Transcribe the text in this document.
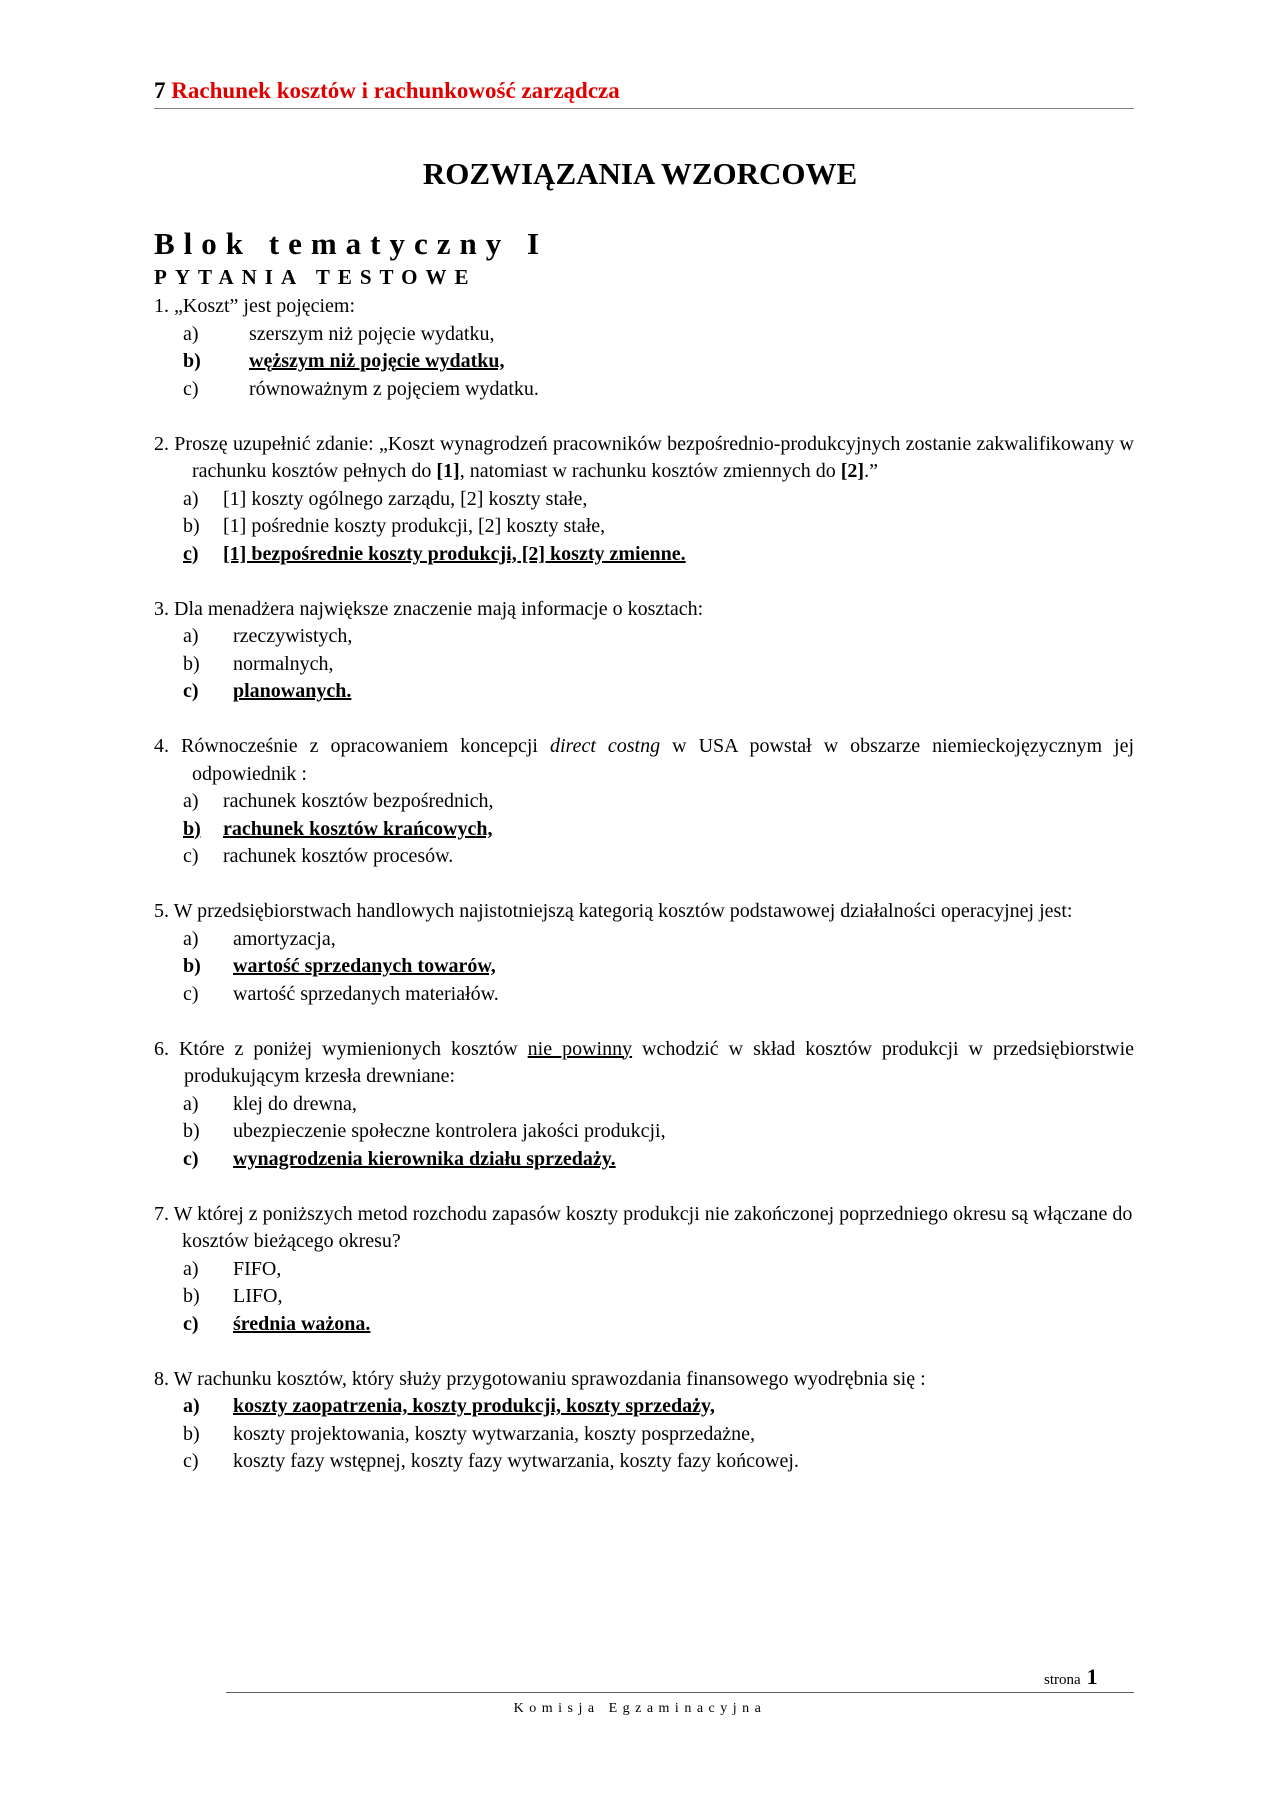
7 Rachunek kosztów i rachunkowość zarządcza
ROZWIĄZANIA WZORCOWE
Blok tematyczny I
PYTANIA TESTOWE
1. „Koszt” jest pojęciem:
a)	szerszym niż pojęcie wydatku,
b)	węższym niż pojęcie wydatku,
c)	równoważnym z pojęciem wydatku.
2. Proszę uzupełnić zdanie: „Koszt wynagrodzeń pracowników bezpośrednio-produkcyjnych zostanie zakwalifikowany w rachunku kosztów pełnych do [1], natomiast w rachunku kosztów zmiennych do [2].”
a)	[1] koszty ogólnego zarządu, [2] koszty stałe,
b)	[1] pośrednie koszty produkcji, [2] koszty stałe,
c)	[1] bezpośrednie koszty produkcji, [2] koszty zmienne.
3. Dla menadżera największe znaczenie mają informacje o kosztach:
a)	rzeczywistych,
b)	normalnych,
c)	planowanych.
4. Równocześnie z opracowaniem koncepcji direct costng w USA powstał w obszarze niemieckojęzycznym jej odpowiednik :
a)	rachunek kosztów bezpośrednich,
b)	rachunek kosztów krańcowych,
c)	rachunek kosztów procesów.
5. W przedsiębiorstwach handlowych najistotniejszą kategorią kosztów podstawowej działalności operacyjnej jest:
a)	amortyzacja,
b)	wartość sprzedanych towarów,
c)	wartość sprzedanych materiałów.
6. Które z poniżej wymienionych kosztów nie powinny wchodzić w skład kosztów produkcji w przedsiębiorstwie produkującym krzesła drewniane:
a)	klej do drewna,
b)	ubezpieczenie społeczne kontrolera jakości produkcji,
c)	wynagrodzenia kierownika działu sprzedaży.
7. W której z poniższych metod rozchodu zapasów koszty produkcji nie zakończonej poprzedniego okresu są włączane do kosztów bieżącego okresu?
a)	FIFO,
b)	LIFO,
c)	średnia ważona.
8. W rachunku kosztów, który służy przygotowaniu sprawozdania finansowego wyodrębnia się :
a)	koszty zaopatrzenia, koszty produkcji, koszty sprzedaży,
b)	koszty projektowania, koszty wytwarzania, koszty posprzedażne,
c)	koszty fazy wstępnej, koszty fazy wytwarzania, koszty fazy końcowej.
strona 1
Komisja Egzaminacyjna
